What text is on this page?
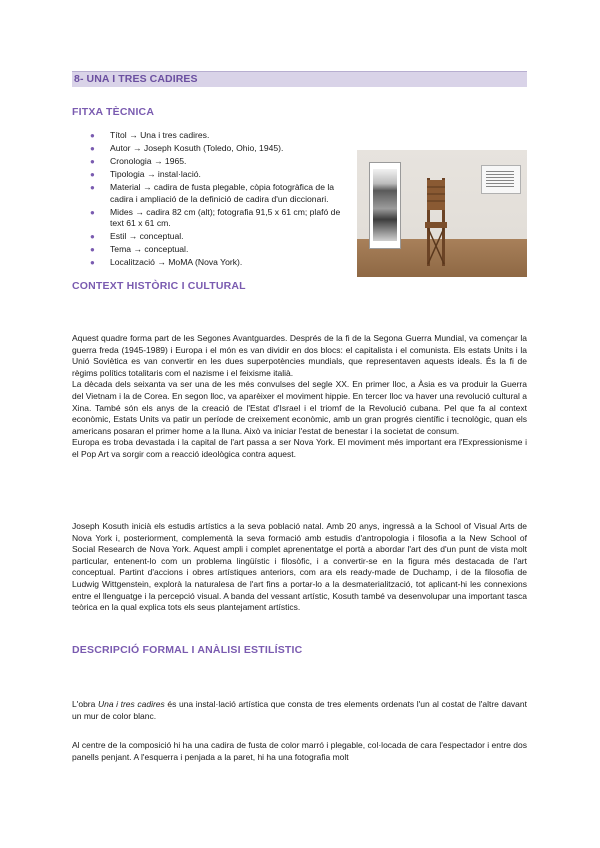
8- UNA I TRES CADIRES
FITXA TÈCNICA
● Títol → Una i tres cadires.
● Autor → Joseph Kosuth (Toledo, Ohio, 1945).
● Cronologia → 1965.
● Tipologia → instal·lació.
● Material → cadira de fusta plegable, còpia fotogràfica de la cadira i ampliació de la definició de cadira d'un diccionari.
● Mides → cadira 82 cm (alt); fotografia 91,5 x 61 cm; plafó de text 61 x 61 cm.
● Estil → conceptual.
● Tema → conceptual.
● Localització → MoMA (Nova York).
CONTEXT HISTÒRIC I CULTURAL

Aquest quadre forma part de les Segones Avantguardes. Després de la fi de la Segona Guerra Mundial, va començar la guerra freda (1945-1989) i Europa i el món es van dividir en dos blocs: el capitalista i el comunista. Els estats Units i la Unió Soviètica es van convertir en les dues superpotències mundials, que representaven aquests ideals. És la fi de règims polítics totalitaris com el nazisme i el feixisme italià.

La dècada dels seixanta va ser una de les més convulses del segle XX. En primer lloc, a Àsia es va produir la Guerra del Vietnam i la de Corea. En segon lloc, va aparèixer el moviment hippie. En tercer lloc va haver una revolució cultural a Xina. També són els anys de la creació de l'Estat d'Israel i el triomf de la Revolució cubana. Pel que fa al context econòmic, Estats Units va patir un període de creixement econòmic, amb un gran progrés científic i tecnològic, quan els americans posaran el primer home a la lluna. Això va iniciar l'estat de benestar i la societat de consum.

Europa es troba devastada i la capital de l'art passa a ser Nova York. El moviment més important era l'Expressionisme i el Pop Art va sorgir com a reacció ideològica contra aquest.

Joseph Kosuth inicià els estudis artístics a la seva població natal. Amb 20 anys, ingressà a la School of Visual Arts de Nova York i, posteriorment, complementà la seva formació amb estudis d'antropologia i filosofia a la New School of Social Research de Nova York. Aquest ampli i complet aprenentatge el portà a abordar l'art des d'un punt de vista molt particular, entenent-lo com un problema lingüístic i filosòfic, i a convertir-se en la figura més destacada de l'art conceptual. Partint d'accions i obres artístiques anteriors, com ara els ready-made de Duchamp, i de la filosofia de Ludwig Wittgenstein, explorà la naturalesa de l'art fins a portar-lo a la desmaterialització, tot aplicant-hi les connexions entre el llenguatge i la percepció visual. A banda del vessant artístic, Kosuth també va desenvolupar una important tasca teòrica en la qual explica tots els seus plantejament artístics.

DESCRIPCIÓ FORMAL I ANÀLISI ESTILÍSTIC

L'obra Una i tres cadires és una instal·lació artística que consta de tres elements ordenats l'un al costat de l'altre davant un mur de color blanc.

Al centre de la composició hi ha una cadira de fusta de color marró i plegable, col·locada de cara l'espectador i entre dos panells penjant. A l'esquerra i penjada a la paret, hi ha una fotografia molt
